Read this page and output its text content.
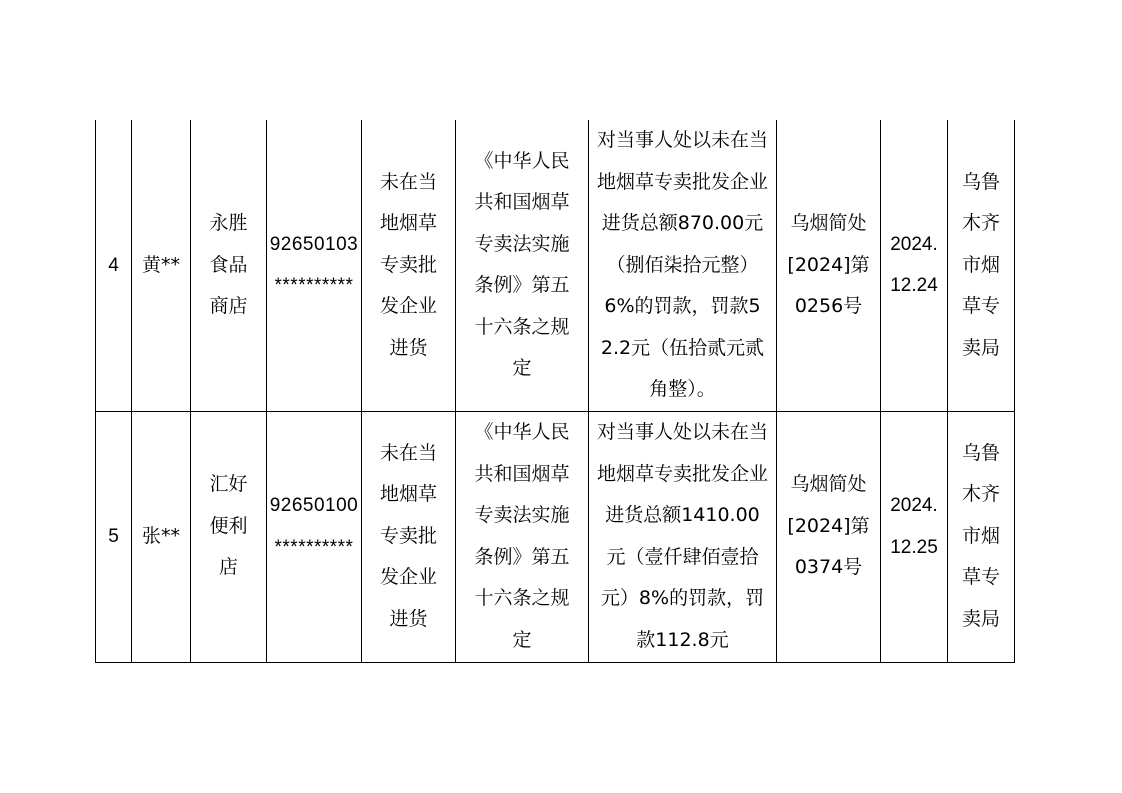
4	黄**	永胜食品商店	92650103**********	未在当地烟草专卖批发企业进货	《中华人民共和国烟草专卖法实施条例》第五十六条之规定	对当事人处以未在当地烟草专卖批发企业进货总额870.00元（捌佰柒拾元整）6%的罚款，罚款52.2元（伍拾贰元贰角整）。	乌烟简处[2024]第0256号	2024.12.24	乌鲁木齐市烟草专卖局

5	张**	汇好便利店	92650100**********	未在当地烟草专卖批发企业进货	《中华人民共和国烟草专卖法实施条例》第五十六条之规定	对当事人处以未在当地烟草专卖批发企业进货总额1410.00元（壹仟肆佰壹拾元）8%的罚款，罚款112.8元	乌烟简处[2024]第0374号	2024.12.25	乌鲁木齐市烟草专卖局
